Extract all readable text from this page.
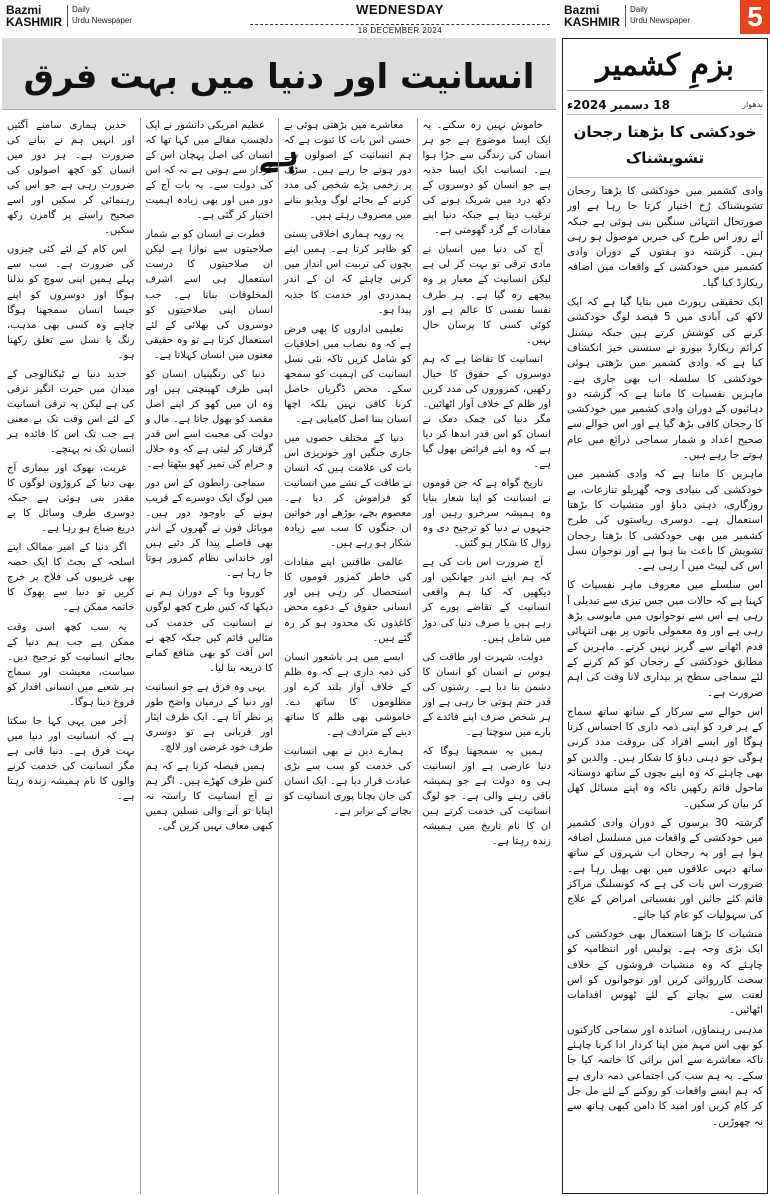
Bazmi
KASHMIR
Daily
Urdu Newspaper
WEDNESDAY
18 DECEMBER 2024
Bazmi
KASHMIR
Daily
Urdu Newspaper 5
انسانیت اور دنیا میں بہت فرق ہے

خاموش نہیں رہ سکتے۔ یہ ایک ایسا موضوع ہے جو ہر انسان کی زندگی سے جڑا ہوا ہے۔ انسانیت ایک ایسا جذبہ ہے جو انسان کو دوسروں کے دکھ درد میں شریک ہونے کی ترغیب دیتا ہے جبکہ دنیا اپنے مفادات کے گرد گھومتی ہے۔

آج کی دنیا میں انسان نے مادی ترقی تو بہت کر لی ہے لیکن انسانیت کے معیار پر وہ پیچھے رہ گیا ہے۔ ہر طرف نفسا نفسی کا عالم ہے اور کوئی کسی کا پرسان حال نہیں۔

انسانیت کا تقاضا ہے کہ ہم دوسروں کے حقوق کا خیال رکھیں، کمزوروں کی مدد کریں اور ظلم کے خلاف آواز اٹھائیں۔ مگر دنیا کی چمک دمک نے انسان کو اس قدر اندھا کر دیا ہے کہ وہ اپنے فرائض بھول گیا ہے۔

تاریخ گواہ ہے کہ جن قوموں نے انسانیت کو اپنا شعار بنایا وہ ہمیشہ سرخرو رہیں اور جنہوں نے دنیا کو ترجیح دی وہ زوال کا شکار ہو گئیں۔

آج ضرورت اس بات کی ہے کہ ہم اپنے اندر جھانکیں اور دیکھیں کہ کیا ہم واقعی انسانیت کے تقاضے پورے کر رہے ہیں یا صرف دنیا کی دوڑ میں شامل ہیں۔

دولت، شہرت اور طاقت کی ہوس نے انسان کو انسان کا دشمن بنا دیا ہے۔ رشتوں کی قدر ختم ہوتی جا رہی ہے اور ہر شخص صرف اپنے فائدے کے بارے میں سوچتا ہے۔

ہمیں یہ سمجھنا ہوگا کہ دنیا عارضی ہے اور انسانیت ہی وہ دولت ہے جو ہمیشہ باقی رہنے والی ہے۔ جو لوگ انسانیت کی خدمت کرتے ہیں ان کا نام تاریخ میں ہمیشہ زندہ رہتا ہے۔

معاشرے میں بڑھتی ہوئی بے حسی اس بات کا ثبوت ہے کہ ہم انسانیت کے اصولوں سے دور ہوتے جا رہے ہیں۔ سڑک پر زخمی پڑے شخص کی مدد کرنے کے بجائے لوگ ویڈیو بنانے میں مصروف رہتے ہیں۔

یہ رویہ ہماری اخلاقی پستی کو ظاہر کرتا ہے۔ ہمیں اپنے بچوں کی تربیت اس انداز میں کرنی چاہئے کہ ان کے اندر ہمدردی اور خدمت کا جذبہ پیدا ہو۔

تعلیمی اداروں کا بھی فرض ہے کہ وہ نصاب میں اخلاقیات کو شامل کریں تاکہ نئی نسل انسانیت کی اہمیت کو سمجھ سکے۔ محض ڈگریاں حاصل کرنا کافی نہیں بلکہ اچھا انسان بننا اصل کامیابی ہے۔

دنیا کے مختلف حصوں میں جاری جنگیں اور خونریزی اس بات کی علامت ہیں کہ انسان نے طاقت کے نشے میں انسانیت کو فراموش کر دیا ہے۔ معصوم بچے، بوڑھے اور خواتین ان جنگوں کا سب سے زیادہ شکار ہو رہے ہیں۔

عالمی طاقتیں اپنے مفادات کی خاطر کمزور قوموں کا استحصال کر رہی ہیں اور انسانی حقوق کے دعوے محض کاغذوں تک محدود ہو کر رہ گئے ہیں۔

ایسے میں ہر باشعور انسان کی ذمہ داری ہے کہ وہ ظلم کے خلاف آواز بلند کرے اور مظلوموں کا ساتھ دے۔ خاموشی بھی ظلم کا ساتھ دینے کے مترادف ہے۔

ہمارے دین نے بھی انسانیت کی خدمت کو سب سے بڑی عبادت قرار دیا ہے۔ ایک انسان کی جان بچانا پوری انسانیت کو بچانے کے برابر ہے۔

عظیم امریکی دانشور نے ایک دلچسپ مقالے میں کہا تھا کہ انسان کی اصل پہچان اس کے کردار سے ہوتی ہے نہ کہ اس کی دولت سے۔ یہ بات آج کے دور میں اور بھی زیادہ اہمیت اختیار کر گئی ہے۔

فطرت نے انسان کو بے شمار صلاحیتوں سے نوازا ہے لیکن ان صلاحیتوں کا درست استعمال ہی اسے اشرف المخلوقات بناتا ہے۔ جب انسان اپنی صلاحیتوں کو دوسروں کی بھلائی کے لئے استعمال کرتا ہے تو وہ حقیقی معنوں میں انسان کہلاتا ہے۔

دنیا کی رنگینیاں انسان کو اپنی طرف کھینچتی ہیں اور وہ ان میں کھو کر اپنے اصل مقصد کو بھول جاتا ہے۔ مال و دولت کی محبت اسے اس قدر گرفتار کر لیتی ہے کہ وہ حلال و حرام کی تمیز کھو بیٹھتا ہے۔

سماجی رابطوں کے اس دور میں لوگ ایک دوسرے کے قریب ہونے کے باوجود دور ہیں۔ موبائل فون نے گھروں کے اندر بھی فاصلے پیدا کر دئیے ہیں اور خاندانی نظام کمزور ہوتا جا رہا ہے۔

کورونا وبا کے دوران ہم نے دیکھا کہ کس طرح کچھ لوگوں نے انسانیت کی خدمت کی مثالیں قائم کیں جبکہ کچھ نے اس آفت کو بھی منافع کمانے کا ذریعہ بنا لیا۔

یہی وہ فرق ہے جو انسانیت اور دنیا کے درمیان واضح طور پر نظر آتا ہے۔ ایک طرف ایثار اور قربانی ہے تو دوسری طرف خود غرضی اور لالچ۔

ہمیں فیصلہ کرنا ہے کہ ہم کس طرف کھڑے ہیں۔ اگر ہم نے آج انسانیت کا راستہ نہ اپنایا تو آنے والی نسلیں ہمیں کبھی معاف نہیں کریں گی۔

حدیں ہماری سامنے آگئیں اور انہیں ہم نے بنانے کی ضرورت ہے۔ ہر دور میں انسان کو کچھ اصولوں کی ضرورت رہی ہے جو اس کی رہنمائی کر سکیں اور اسے صحیح راستے پر گامزن رکھ سکیں۔

اس کام کے لئے کئی چیزوں کی ضرورت ہے۔ سب سے پہلے ہمیں اپنی سوچ کو بدلنا ہوگا اور دوسروں کو اپنے جیسا انسان سمجھنا ہوگا چاہے وہ کسی بھی مذہب، رنگ یا نسل سے تعلق رکھتا ہو۔

جدید دنیا نے ٹیکنالوجی کے میدان میں حیرت انگیز ترقی کی ہے لیکن یہ ترقی انسانیت کے لئے اس وقت تک بے معنی ہے جب تک اس کا فائدہ ہر انسان تک نہ پہنچے۔

غربت، بھوک اور بیماری آج بھی دنیا کے کروڑوں لوگوں کا مقدر بنی ہوئی ہے جبکہ دوسری طرف وسائل کا بے دریغ ضیاع ہو رہا ہے۔

اگر دنیا کے امیر ممالک اپنے اسلحہ کے بجٹ کا ایک حصہ بھی غریبوں کی فلاح پر خرچ کریں تو دنیا سے بھوک کا خاتمہ ممکن ہے۔

یہ سب کچھ اسی وقت ممکن ہے جب ہم دنیا کے بجائے انسانیت کو ترجیح دیں۔ سیاست، معیشت اور سماج ہر شعبے میں انسانی اقدار کو فروغ دینا ہوگا۔

آخر میں یہی کہا جا سکتا ہے کہ انسانیت اور دنیا میں بہت فرق ہے۔ دنیا فانی ہے مگر انسانیت کی خدمت کرنے والوں کا نام ہمیشہ زندہ رہتا ہے۔

بزمِ کشمیر
بدھوار
18 دسمبر 2024ء
خودکشی کا بڑھتا رجحان تشویشناک

وادی کشمیر میں خودکشی کا بڑھتا رجحان تشویشناک رُخ اختیار کرتا جا رہا ہے اور صورتحال انتہائی سنگین بنی ہوئی ہے جبکہ آئے روز اس طرح کی خبریں موصول ہو رہی ہیں۔ گزشتہ دو ہفتوں کے دوران وادی کشمیر میں خودکشی کے واقعات میں اضافہ ریکارڈ کیا گیا۔

ایک تحقیقی رپورٹ میں بتایا گیا ہے کہ ایک لاکھ کی آبادی میں 5 فیصد لوگ خودکشی کرنے کی کوشش کرتے ہیں جبکہ نیشنل کرائم ریکارڈ بیورو نے سنسنی خیز انکشاف کیا ہے کہ وادی کشمیر میں بڑھتی ہوئی خودکشی کا سلسلہ اب بھی جاری ہے۔ ماہرین نفسیات کا ماننا ہے کہ گزشتہ دو دہائیوں کے دوران وادی کشمیر میں خودکشی کا رجحان کافی بڑھ گیا ہے اور اس حوالے سے صحیح اعداد و شمار سماجی ذرائع میں عام ہوتے جا رہے ہیں۔

ماہرین کا ماننا ہے کہ وادی کشمیر میں خودکشی کی بنیادی وجہ گھریلو تنازعات، بے روزگاری، ذہنی دباؤ اور منشیات کا بڑھتا استعمال ہے۔ دوسری ریاستوں کی طرح کشمیر میں بھی خودکشی کا بڑھتا رجحان تشویش کا باعث بنا ہوا ہے اور نوجوان نسل اس کی لپیٹ میں آ رہی ہے۔

اس سلسلے میں معروف ماہر نفسیات کا کہنا ہے کہ حالات میں جس تیزی سے تبدیلی آ رہی ہے اس سے نوجوانوں میں مایوسی بڑھ رہی ہے اور وہ معمولی باتوں پر بھی انتہائی قدم اٹھانے سے گریز نہیں کرتے۔ ماہرین کے مطابق خودکشی کے رجحان کو کم کرنے کے لئے سماجی سطح پر بیداری لانا وقت کی اہم ضرورت ہے۔

اس حوالے سے سرکار کے ساتھ ساتھ سماج کے ہر فرد کو اپنی ذمہ داری کا احساس کرنا ہوگا اور ایسے افراد کی بروقت مدد کرنی ہوگی جو ذہنی دباؤ کا شکار ہیں۔ والدین کو بھی چاہئے کہ وہ اپنے بچوں کے ساتھ دوستانہ ماحول قائم رکھیں تاکہ وہ اپنے مسائل کھل کر بیان کر سکیں۔

گزشتہ 30 برسوں کے دوران وادی کشمیر میں خودکشی کے واقعات میں مسلسل اضافہ ہوا ہے اور یہ رجحان اب شہروں کے ساتھ ساتھ دیہی علاقوں میں بھی پھیل رہا ہے۔ ضرورت اس بات کی ہے کہ کونسلنگ مراکز قائم کئے جائیں اور نفسیاتی امراض کے علاج کی سہولیات کو عام کیا جائے۔

منشیات کا بڑھتا استعمال بھی خودکشی کی ایک بڑی وجہ ہے۔ پولیس اور انتظامیہ کو چاہئے کہ وہ منشیات فروشوں کے خلاف سخت کارروائی کریں اور نوجوانوں کو اس لعنت سے بچانے کے لئے ٹھوس اقدامات اٹھائیں۔

مذہبی رہنماؤں، اساتذہ اور سماجی کارکنوں کو بھی اس مہم میں اپنا کردار ادا کرنا چاہئے تاکہ معاشرے سے اس برائی کا خاتمہ کیا جا سکے۔ یہ ہم سب کی اجتماعی ذمہ داری ہے کہ ہم ایسے واقعات کو روکنے کے لئے مل جل کر کام کریں اور امید کا دامن کبھی ہاتھ سے نہ چھوڑیں۔
